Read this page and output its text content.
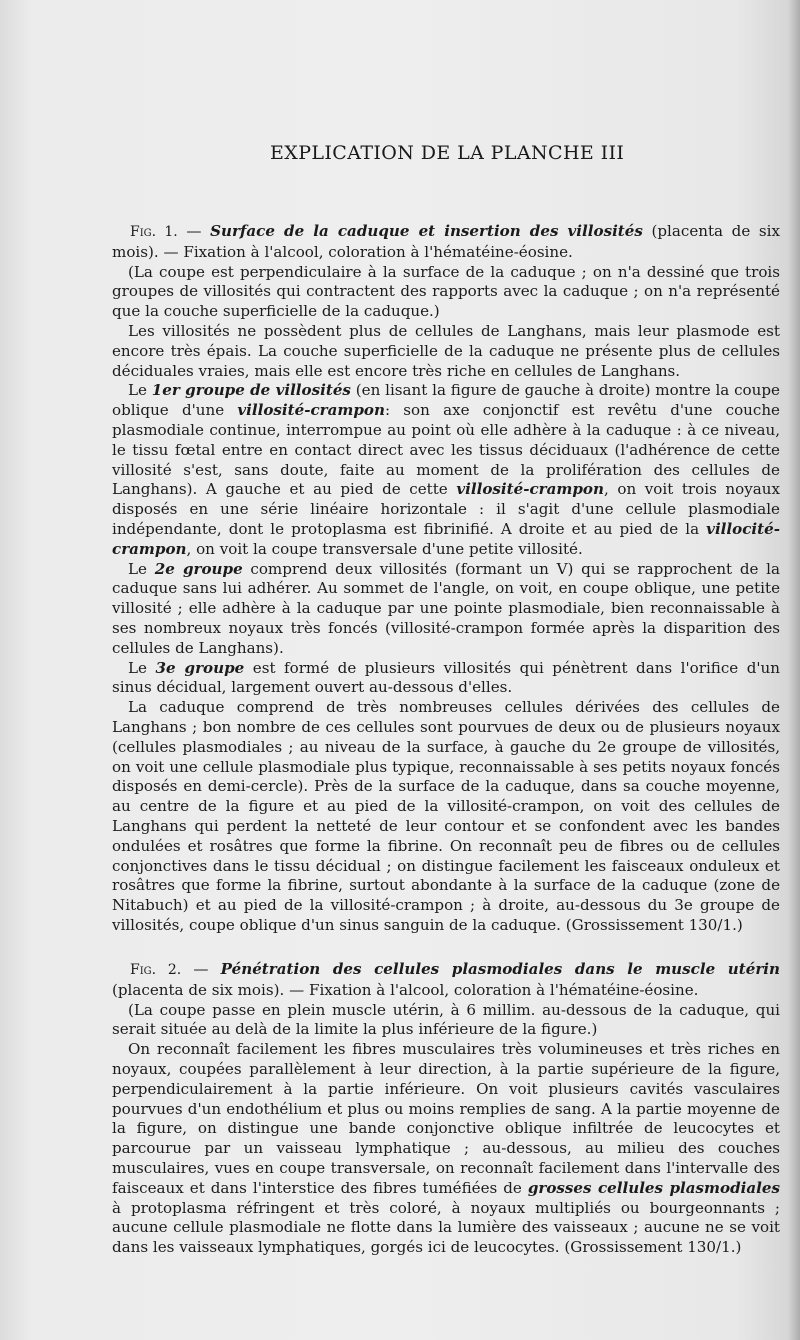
EXPLICATION DE LA PLANCHE III

Fig. 1. — Surface de la caduque et insertion des villosités (placenta de six mois). — Fixation à l'alcool, coloration à l'hématéine-éosine.

(La coupe est perpendiculaire à la surface de la caduque ; on n'a dessiné que trois groupes de villosités qui contractent des rapports avec la caduque ; on n'a représenté que la couche superficielle de la caduque.)

Les villosités ne possèdent plus de cellules de Langhans, mais leur plasmode est encore très épais. La couche superficielle de la caduque ne présente plus de cellules déciduales vraies, mais elle est encore très riche en cellules de Langhans.

Le 1er groupe de villosités (en lisant la figure de gauche à droite) montre la coupe oblique d'une villosité-crampon: son axe conjonctif est revêtu d'une couche plasmodiale continue, interrompue au point où elle adhère à la caduque : à ce niveau, le tissu fœtal entre en contact direct avec les tissus déciduaux (l'adhérence de cette villosité s'est, sans doute, faite au moment de la prolifération des cellules de Langhans). A gauche et au pied de cette villosité-crampon, on voit trois noyaux disposés en une série linéaire horizontale : il s'agit d'une cellule plasmodiale indépendante, dont le protoplasma est fibrinifié. A droite et au pied de la villocité-crampon, on voit la coupe transversale d'une petite villosité.

Le 2e groupe comprend deux villosités (formant un V) qui se rapprochent de la caduque sans lui adhérer. Au sommet de l'angle, on voit, en coupe oblique, une petite villosité ; elle adhère à la caduque par une pointe plasmodiale, bien reconnaissable à ses nombreux noyaux très foncés (villosité-crampon formée après la disparition des cellules de Langhans).

Le 3e groupe est formé de plusieurs villosités qui pénètrent dans l'orifice d'un sinus décidual, largement ouvert au-dessous d'elles.

La caduque comprend de très nombreuses cellules dérivées des cellules de Langhans ; bon nombre de ces cellules sont pourvues de deux ou de plusieurs noyaux (cellules plasmodiales ; au niveau de la surface, à gauche du 2e groupe de villosités, on voit une cellule plasmodiale plus typique, reconnaissable à ses petits noyaux foncés disposés en demi-cercle). Près de la surface de la caduque, dans sa couche moyenne, au centre de la figure et au pied de la villosité-crampon, on voit des cellules de Langhans qui perdent la netteté de leur contour et se confondent avec les bandes ondulées et rosâtres que forme la fibrine. On reconnaît peu de fibres ou de cellules conjonctives dans le tissu décidual ; on distingue facilement les faisceaux onduleux et rosâtres que forme la fibrine, surtout abondante à la surface de la caduque (zone de Nitabuch) et au pied de la villosité-crampon ; à droite, au-dessous du 3e groupe de villosités, coupe oblique d'un sinus sanguin de la caduque. (Grossissement 130/1.)

Fig. 2. — Pénétration des cellules plasmodiales dans le muscle utérin (placenta de six mois). — Fixation à l'alcool, coloration à l'hématéine-éosine.

(La coupe passe en plein muscle utérin, à 6 millim. au-dessous de la caduque, qui serait située au delà de la limite la plus inférieure de la figure.)

On reconnaît facilement les fibres musculaires très volumineuses et très riches en noyaux, coupées parallèlement à leur direction, à la partie supérieure de la figure, perpendiculairement à la partie inférieure. On voit plusieurs cavités vasculaires pourvues d'un endothélium et plus ou moins remplies de sang. A la partie moyenne de la figure, on distingue une bande conjonctive oblique infiltrée de leucocytes et parcourue par un vaisseau lymphatique ; au-dessous, au milieu des couches musculaires, vues en coupe transversale, on reconnaît facilement dans l'intervalle des faisceaux et dans l'interstice des fibres tuméfiées de grosses cellules plasmodiales à protoplasma réfringent et très coloré, à noyaux multipliés ou bourgeonnants ; aucune cellule plasmodiale ne flotte dans la lumière des vaisseaux ; aucune ne se voit dans les vaisseaux lymphatiques, gorgés ici de leucocytes. (Grossissement 130/1.)
